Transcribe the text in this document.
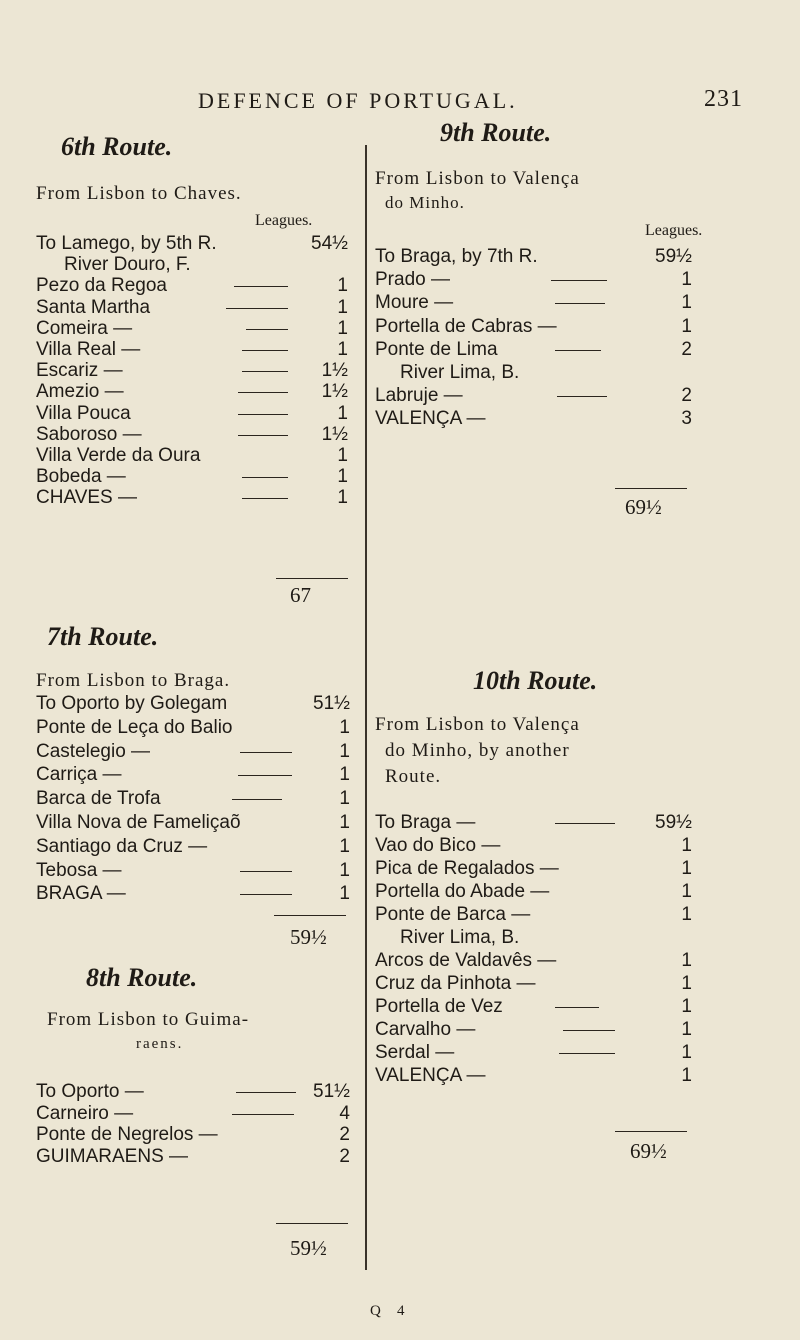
DEFENCE OF PORTUGAL.	231
6th Route.
From Lisbon to Chaves.
Leagues.
To Lamego, by 5th R.	54½
River Douro, F.
Pezo da Regoa	1
Santa Martha	1
Comeira —	1
Villa Real —	1
Escariz —	1½
Amezio —	1½
Villa Pouca	1
Saboroso —	1½
Villa Verde da Oura	1
Bobeda —	1
CHAVES —	1
67
7th Route.
From Lisbon to Braga.
To Oporto by Golegam	51½
Ponte de Leça do Balio	1
Castelegio —	1
Carriça —	1
Barca de Trofa	1
Villa Nova de Fameliçaõ	1
Santiago da Cruz —	1
Tebosa —	1
BRAGA —	1
59½
8th Route.
From Lisbon to Guima-
raens.
To Oporto —	51½
Carneiro —	4
Ponte de Negrelos —	2
GUIMARAENS —	2
59½
9th Route.
From Lisbon to Valença
do Minho.
Leagues.
To Braga, by 7th R.	59½
Prado —	1
Moure —	1
Portella de Cabras —	1
Ponte de Lima	2
River Lima, B.
Labruje —	2
VALENÇA —	3
69½
10th Route.
From Lisbon to Valença
do Minho, by another
Route.
To Braga —	59½
Vao do Bico —	1
Pica de Regalados —	1
Portella do Abade —	1
Ponte de Barca —	1
River Lima, B.
Arcos de Valdavês —	1
Cruz da Pinhota —	1
Portella de Vez	1
Carvalho —	1
Serdal —	1
VALENÇA —	1
69½
Q 4
